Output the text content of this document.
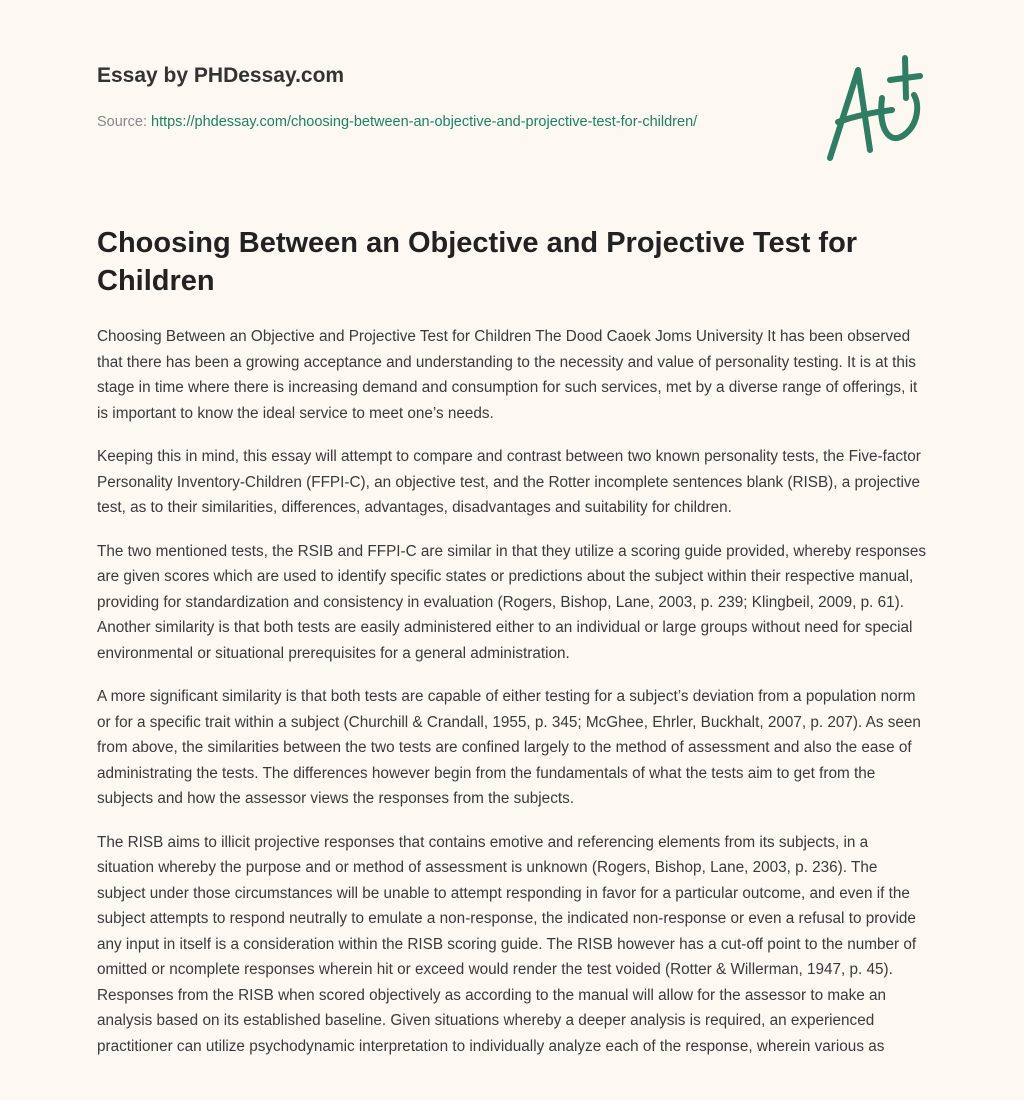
Essay by PHDessay.com

Source: https://phdessay.com/choosing-between-an-objective-and-projective-test-for-children/
Choosing Between an Objective and Projective Test for Children

Choosing Between an Objective and Projective Test for Children The Dood Caoek Joms University It has been observed that there has been a growing acceptance and understanding to the necessity and value of personality testing. It is at this stage in time where there is increasing demand and consumption for such services, met by a diverse range of offerings, it is important to know the ideal service to meet one’s needs.

Keeping this in mind, this essay will attempt to compare and contrast between two known personality tests, the Five-factor Personality Inventory-Children (FFPI-C), an objective test, and the Rotter incomplete sentences blank (RISB), a projective test, as to their similarities, differences, advantages, disadvantages and suitability for children.

The two mentioned tests, the RSIB and FFPI-C are similar in that they utilize a scoring guide provided, whereby responses are given scores which are used to identify specific states or predictions about the subject within their respective manual, providing for standardization and consistency in evaluation (Rogers, Bishop, Lane, 2003, p. 239; Klingbeil, 2009, p. 61). Another similarity is that both tests are easily administered either to an individual or large groups without need for special environmental or situational prerequisites for a general administration.

A more significant similarity is that both tests are capable of either testing for a subject’s deviation from a population norm or for a specific trait within a subject (Churchill & Crandall, 1955, p. 345; McGhee, Ehrler, Buckhalt, 2007, p. 207). As seen from above, the similarities between the two tests are confined largely to the method of assessment and also the ease of administrating the tests. The differences however begin from the fundamentals of what the tests aim to get from the subjects and how the assessor views the responses from the subjects.

The RISB aims to illicit projective responses that contains emotive and referencing elements from its subjects, in a situation whereby the purpose and or method of assessment is unknown (Rogers, Bishop, Lane, 2003, p. 236). The subject under those circumstances will be unable to attempt responding in favor for a particular outcome, and even if the subject attempts to respond neutrally to emulate a non-response, the indicated non-response or even a refusal to provide any input in itself is a consideration within the RISB scoring guide. The RISB however has a cut-off point to the number of omitted or ncomplete responses wherein hit or exceed would render the test voided (Rotter & Willerman, 1947, p. 45). Responses from the RISB when scored objectively as according to the manual will allow for the assessor to make an analysis based on its established baseline. Given situations whereby a deeper analysis is required, an experienced practitioner can utilize psychodynamic interpretation to individually analyze each of the response, wherein various as
